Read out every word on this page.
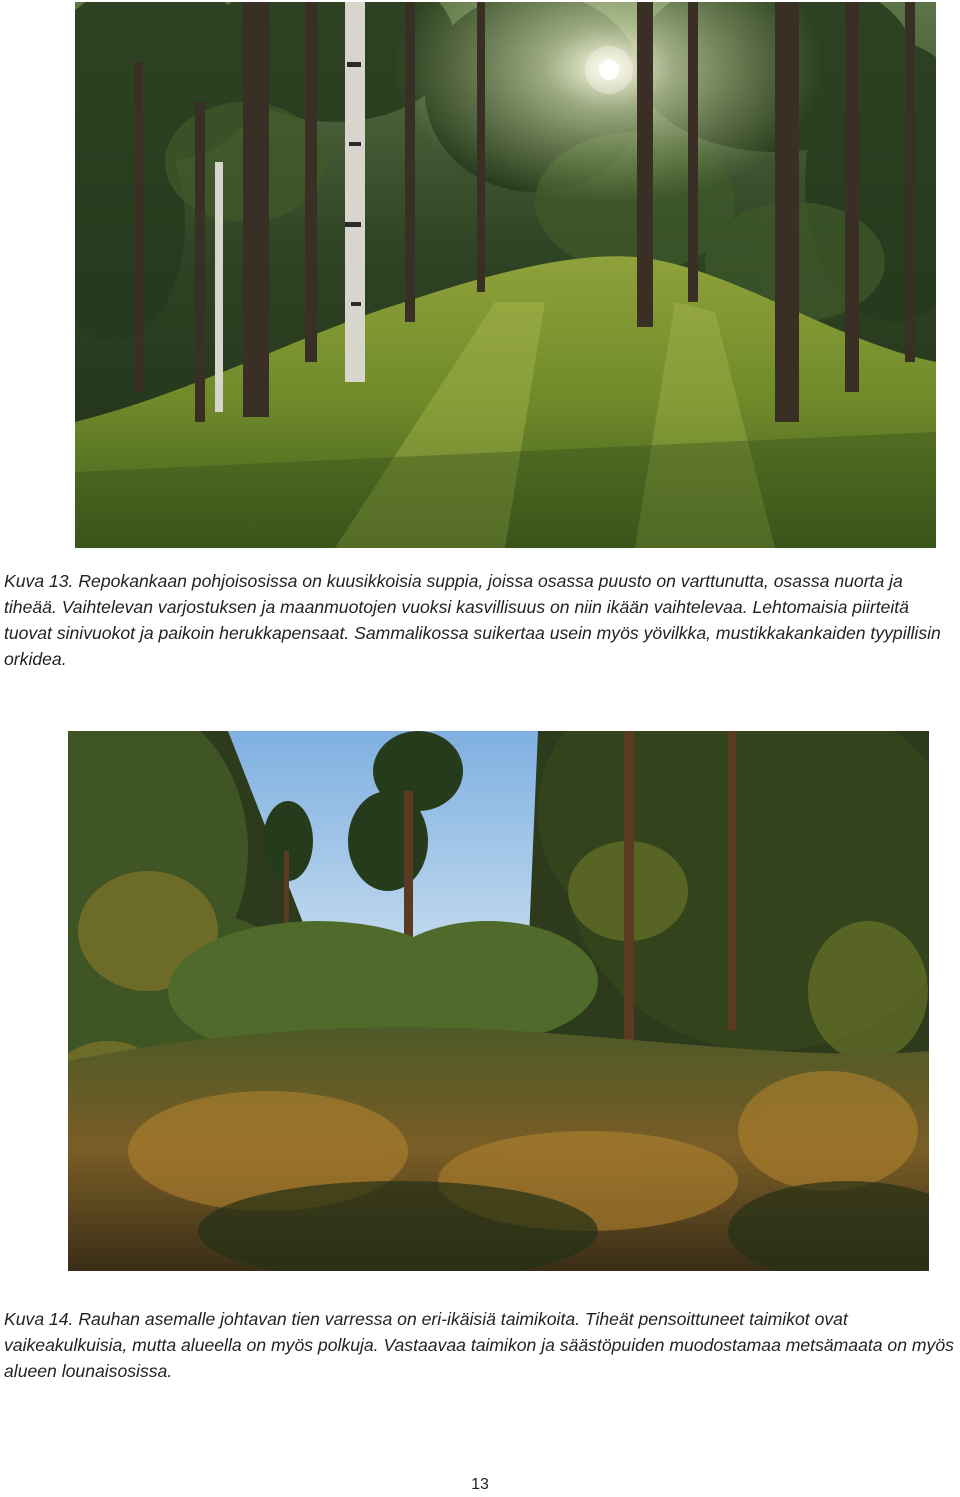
Kuva 13. Repokankaan pohjoisosissa on kuusikkoisia suppia, joissa osassa puusto on varttunutta, osassa nuorta ja tiheää. Vaihtelevan varjostuksen ja maanmuotojen vuoksi kasvillisuus on niin ikään vaihtelevaa. Lehtomaisia piirteitä tuovat sinivuokot ja paikoin herukkapensaat. Sammalikossa suikertaa usein myös yövilkka, mustikkakankaiden tyypillisin orkidea.

Kuva 14. Rauhan asemalle johtavan tien varressa on eri-ikäisiä taimikoita. Tiheät pensoittuneet taimikot ovat vaikeakulkuisia, mutta alueella on myös polkuja. Vastaavaa taimikon ja säästöpuiden muodostamaa metsämaata on myös alueen lounaisosissa.

13
